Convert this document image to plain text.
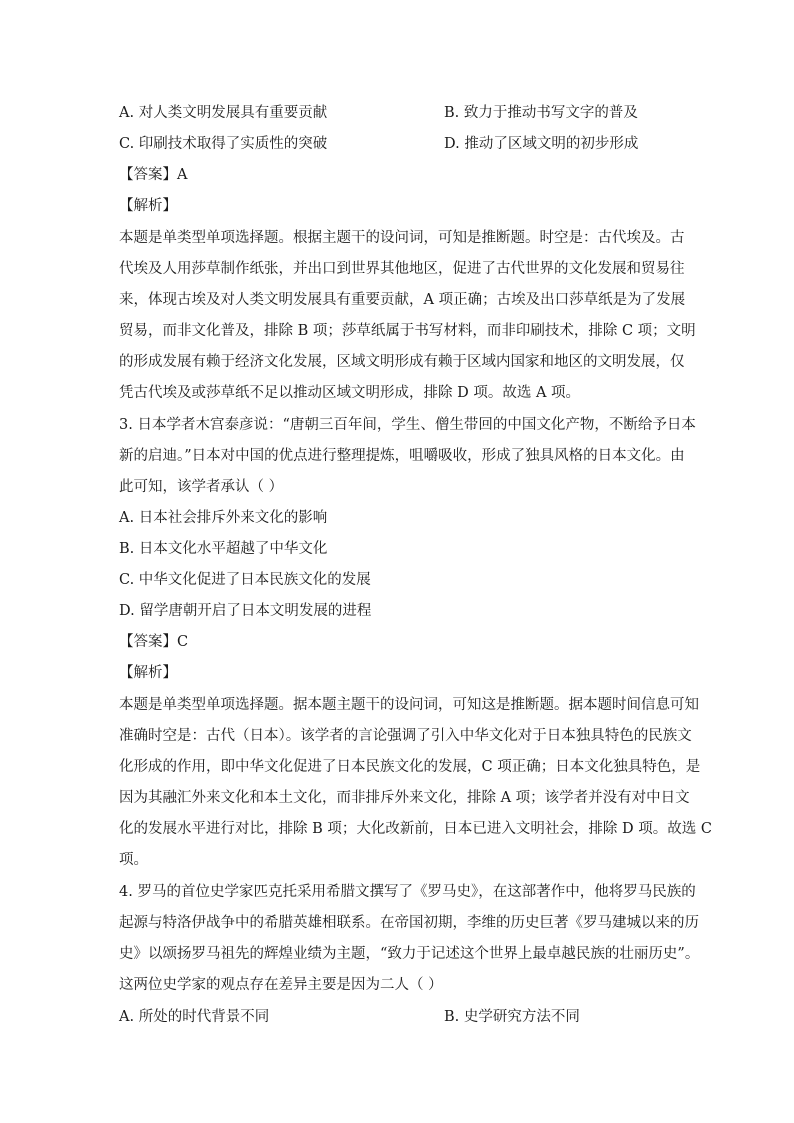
A. 对人类文明发展具有重要贡献	B. 致力于推动书写文字的普及
C. 印刷技术取得了实质性的突破	D. 推动了区域文明的初步形成
【答案】A
【解析】
本题是单类型单项选择题。根据主题干的设问词，可知是推断题。时空是：古代埃及。古
代埃及人用莎草制作纸张，并出口到世界其他地区，促进了古代世界的文化发展和贸易往
来，体现古埃及对人类文明发展具有重要贡献，A 项正确；古埃及出口莎草纸是为了发展
贸易，而非文化普及，排除 B 项；莎草纸属于书写材料，而非印刷技术，排除 C 项；文明
的形成发展有赖于经济文化发展，区域文明形成有赖于区域内国家和地区的文明发展，仅
凭古代埃及或莎草纸不足以推动区域文明形成，排除 D 项。故选 A 项。
3. 日本学者木宫泰彦说：“唐朝三百年间，学生、僧生带回的中国文化产物，不断给予日本
新的启迪。”日本对中国的优点进行整理提炼，咀嚼吸收，形成了独具风格的日本文化。由
此可知，该学者承认（ ）
A. 日本社会排斥外来文化的影响
B. 日本文化水平超越了中华文化
C. 中华文化促进了日本民族文化的发展
D. 留学唐朝开启了日本文明发展的进程
【答案】C
【解析】
本题是单类型单项选择题。据本题主题干的设问词，可知这是推断题。据本题时间信息可知
准确时空是：古代（日本）。该学者的言论强调了引入中华文化对于日本独具特色的民族文
化形成的作用，即中华文化促进了日本民族文化的发展，C 项正确；日本文化独具特色，是
因为其融汇外来文化和本土文化，而非排斥外来文化，排除 A 项；该学者并没有对中日文
化的发展水平进行对比，排除 B 项；大化改新前，日本已进入文明社会，排除 D 项。故选 C
项。
4. 罗马的首位史学家匹克托采用希腊文撰写了《罗马史》，在这部著作中，他将罗马民族的
起源与特洛伊战争中的希腊英雄相联系。在帝国初期，李维的历史巨著《罗马建城以来的历
史》以颂扬罗马祖先的辉煌业绩为主题，“致力于记述这个世界上最卓越民族的壮丽历史”。
这两位史学家的观点存在差异主要是因为二人（ ）
A. 所处的时代背景不同	B. 史学研究方法不同
